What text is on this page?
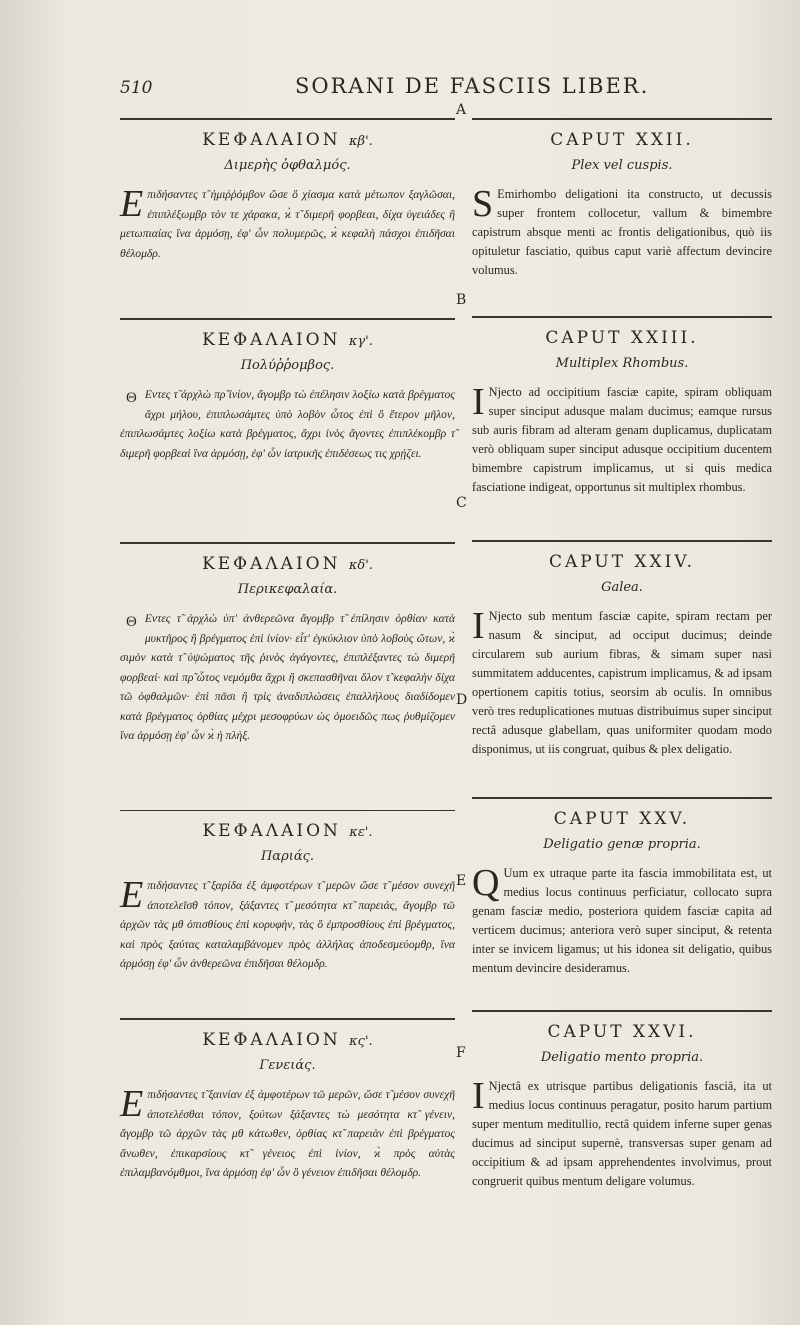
510	SORANI DE FASCIIS LIBER.
A
B
C
D
E
F
ΚΕΦΑΛΑΙΟΝ κβ'.
Διμερὴς ὀφθαλμός.
Επιδήσαντες τ̃ ἡμιῤῥόμβον ὥσε ὃ χίασμα κατὰ μέτωπον ξαγλῶσαι, ἐπιπλέξωμβρ τὸν τε χάρακα, ϰ̀ τ̃ διμερῆ φορβεαι, δίχα ὑγειάδες ἢ μετωπιαίας ἵνα ἁρμόσῃ, ἐφ' ὧν πολυμερῶς, ϰ̀ κεφαλὴ πάσχοι ἐπιδῆσαι θέλομδρ.
ΚΕΦΑΛΑΙΟΝ κγ'.
Πολύῤῥομβος.
Θ Εντες τ̃ ἀρχλὼ πρ̃ ἰνίον, ἄγομβρ τὼ ἐπέλησιν λοξίω κατὰ βρέγματος ἄχρι μήλου, ἐπιπλωσάμτες ὑπὸ λοβὸν ὦτος ἐπὶ ὃ ἕτερον μῆλον, ἐπιπλωσάμτες λοξίω κατὰ βρέγματος, ἄχρι ἰνὸς ἄγοντες ἐπιπλέκομβρ τ̃ διμερῆ φορβεαὶ ἵνα ἁρμόσῃ, ἐφ' ὧν ἰατρικῆς ἐπιδέσεως τις χρῄζει.
ΚΕΦΑΛΑΙΟΝ κδ'.
Περικεφαλαία.
Θ Εντες τ̃ ἀρχλὼ ὑπ' ἀνθερεῶνα ἄγομβρ τ̃ ἐπίλησιν ὀρθίαν κατὰ μυκτῆρος ἢ βρέγματος ἐπὶ ἰνίον· εἶτ' ἐγκύκλιον ὑπὸ λοβοὺς ὤτων, ϰ̀ σιμὸν κατὰ τ̃ ὑψώματος τῆς ῥινὸς ἀγάγοντες, ἐπιπλέξαντες τὼ διμερῆ φορβεαί· καὶ πρ̃ ὦτος νεμόμθα ἄχρι ἢ σκεπασθῆναι ὅλον τ̃ κεφαλὴν δίχα τῶ ὀφθαλμῶν· ἐπὶ πᾶσι ἢ τρὶς ἀναδιπλώσεις ἐπαλλήλους διαδίδομεν κατὰ βρέγματος ὀρθίας μέχρι μεσοφρύων ὡς ὁμοειδῶς πως ῥυθμίζομεν ἵνα ἁρμόσῃ ἐφ' ὧν ϰ̀ ἡ πλὴξ.
ΚΕΦΑΛΑΙΟΝ κε'.
Παριάς.
Επιδήσαντες τ̃ ξαρίδα ἐξ ἀμφοτέρων τ̃ μερῶν ὥσε τ̃ μέσον συνεχῆ ἀποτελεῖσθ τόπον, ξάξαντες τ̃ μεσότητα κτ̃ παρειάς, ἄγομβρ τῶ ἀρχῶν τὰς μθ ὀπισθίους ἐπὶ κορυφὴν, τὰς ὃ ἐμπροσθίους ἐπὶ βρέγματος, καὶ πρὸς ξαύτας καταλαμβάνομεν πρὸς ἀλλήλας ἀποδεσμεύομθρ, ἵνα ἁρμόσῃ ἐφ' ὧν ἀνθερεῶνα ἐπιδῆσαι θέλομδρ.
ΚΕΦΑΛΑΙΟΝ κς'.
Γενειάς.
Επιδήσαντες τ̃ ξαινίαν ἐξ ἀμφοτέρων τῶ μερῶν, ὥσε τ̃ μέσον συνεχῆ ἀποτελέσθαι τόπον, ξούτων ξάξαντες τὼ μεσότητα κτ̃ γένειν, ἄγομβρ τῶ ἀρχῶν τὰς μθ κάτωθεν, ὀρθίας κτ̃ παρειὰν ἐπὶ βρέγματος ἄνωθεν, ἐπικαρσίους κτ̃ γένειος ἐπὶ ἰνίον, ϰ̀ πρὸς αὐτὰς ἐπιλαμβανόμθμοι, ἵνα ἁρμόσῃ ἐφ' ὧν ὃ γένειον ἐπιδῆσαι θέλομδρ.
CAPUT XXII.
Plex vel cuspis.
S Emirhombo deligationi ita constructo, ut decussis super frontem collocetur, vallum & bimembre capistrum absque menti ac frontis deligationibus, quò iis opituletur fasciatio, quibus caput variè affectum devincire volumus.
CAPUT XXIII.
Multiplex Rhombus.
I Njecto ad occipitium fasciæ capite, spiram obliquam super sinciput adusque malam ducimus; eamque rursus sub auris fibram ad alteram genam duplicamus, duplicatam verò obliquam super sinciput adusque occipitium ducentem bimembre capistrum implicamus, ut si quis medica fasciatione indigeat, opportunus sit multiplex rhombus.
CAPUT XXIV.
Galea.
I Njecto sub mentum fasciæ capite, spiram rectam per nasum & sinciput, ad occiput ducimus; deinde circularem sub aurium fibras, & simam super nasi summitatem adducentes, capistrum implicamus, & ad ipsam opertionem capitis totius, seorsim ab oculis. In omnibus verò tres reduplicationes mutuas distribuimus super sinciput rectâ adusque glabellam, quas uniformiter quodam modo disponimus, ut iis congruat, quibus & plex deligatio.
CAPUT XXV.
Deligatio genæ propria.
Q Uum ex utraque parte ita fascia immobilitata est, ut medius locus continuus perficiatur, collocato supra genam fasciæ medio, posteriora quidem fasciæ capita ad verticem ducimus; anteriora verò super sinciput, & retenta inter se invicem ligamus; ut his idonea sit deligatio, quibus mentum devincire desideramus.
CAPUT XXVI.
Deligatio mento propria.
I Njectâ ex utrisque partibus deligationis fasciâ, ita ut medius locus continuus peragatur, posito harum partium super mentum meditullio, rectâ quidem inferne super genas ducimus ad sinciput supernè, transversas super genam ad occipitium & ad ipsam apprehendentes involvimus, prout congruerit quibus mentum deligare volumus.
